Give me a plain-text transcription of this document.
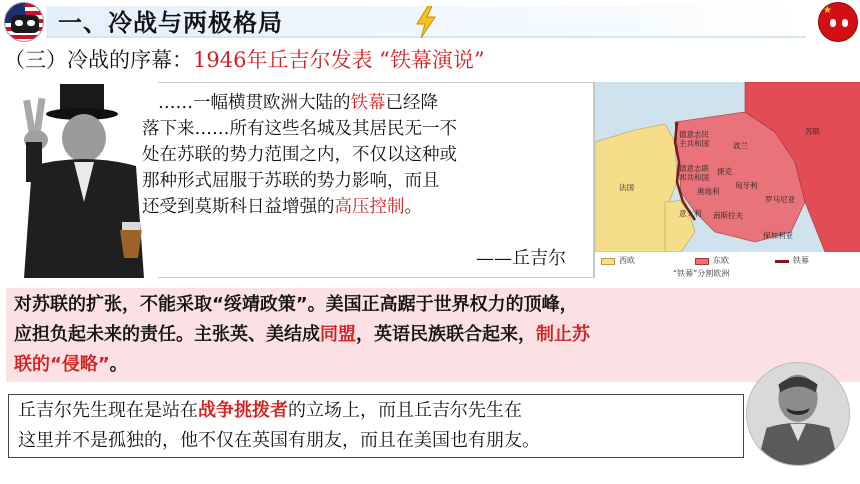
一、冷战与两极格局	★
（三）冷战的序幕：1946年丘吉尔发表 “铁幕演说”
……一幅横贯欧洲大陆的铁幕已经降
落下来……所有这些名城及其居民无一不
处在苏联的势力范围之内，不仅以这种或
那种形式屈服于苏联的势力影响，而且
还受到莫斯科日益增强的高压控制。
——丘吉尔
苏联
波兰
德意志民主共和国
德意志联邦共和国
捷克
奥地利
匈牙利
罗马尼亚
南斯拉夫
保加利亚
法国
意大利
西欧	东欧	铁幕
“铁幕”分割欧洲
对苏联的扩张，不能采取“绥靖政策”。美国正高踞于世界权力的顶峰，
应担负起未来的责任。主张英、美结成同盟，英语民族联合起来，制止苏
联的“侵略”。
丘吉尔先生现在是站在战争挑拨者的立场上，而且丘吉尔先生在
这里并不是孤独的，他不仅在英国有朋友，而且在美国也有朋友。
